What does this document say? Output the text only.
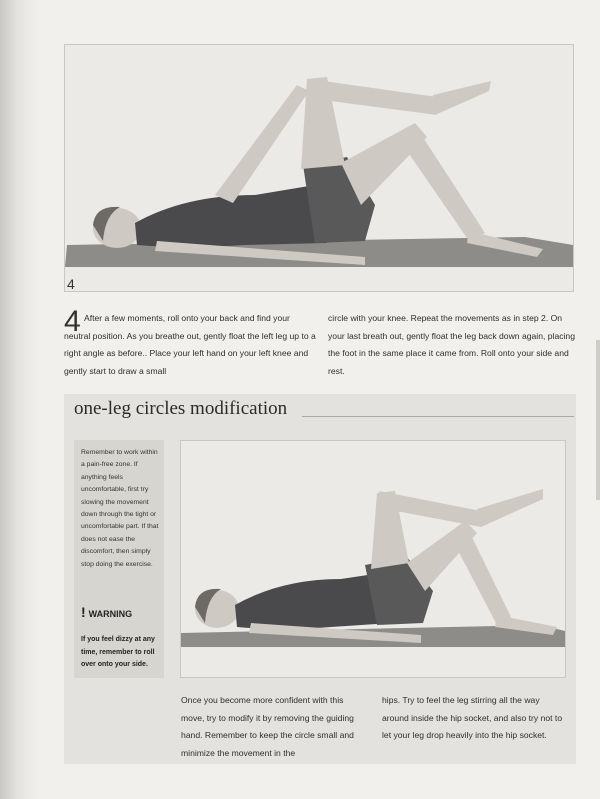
4
4 After a few moments, roll onto your back and find your neutral position. As you breathe out, gently float the left leg up to a right angle as before.. Place your left hand on your left knee and gently start to draw a small

circle with your knee. Repeat the movements as in step 2. On your last breath out, gently float the leg back down again, placing the foot in the same place it came from. Roll onto your side and rest.

one-leg circles modification

Remember to work within a pain-free zone. If anything feels uncomfortable, first try slowing the movement down through the tight or uncomfortable part. If that does not ease the discomfort, then simply stop doing the exercise.

! WARNING

If you feel dizzy at any time, remember to roll over onto your side.

Once you become more confident with this move, try to modify it by removing the guiding hand. Remember to keep the circle small and minimize the movement in the

hips. Try to feel the leg stirring all the way around inside the hip socket, and also try not to let your leg drop heavily into the hip socket.
